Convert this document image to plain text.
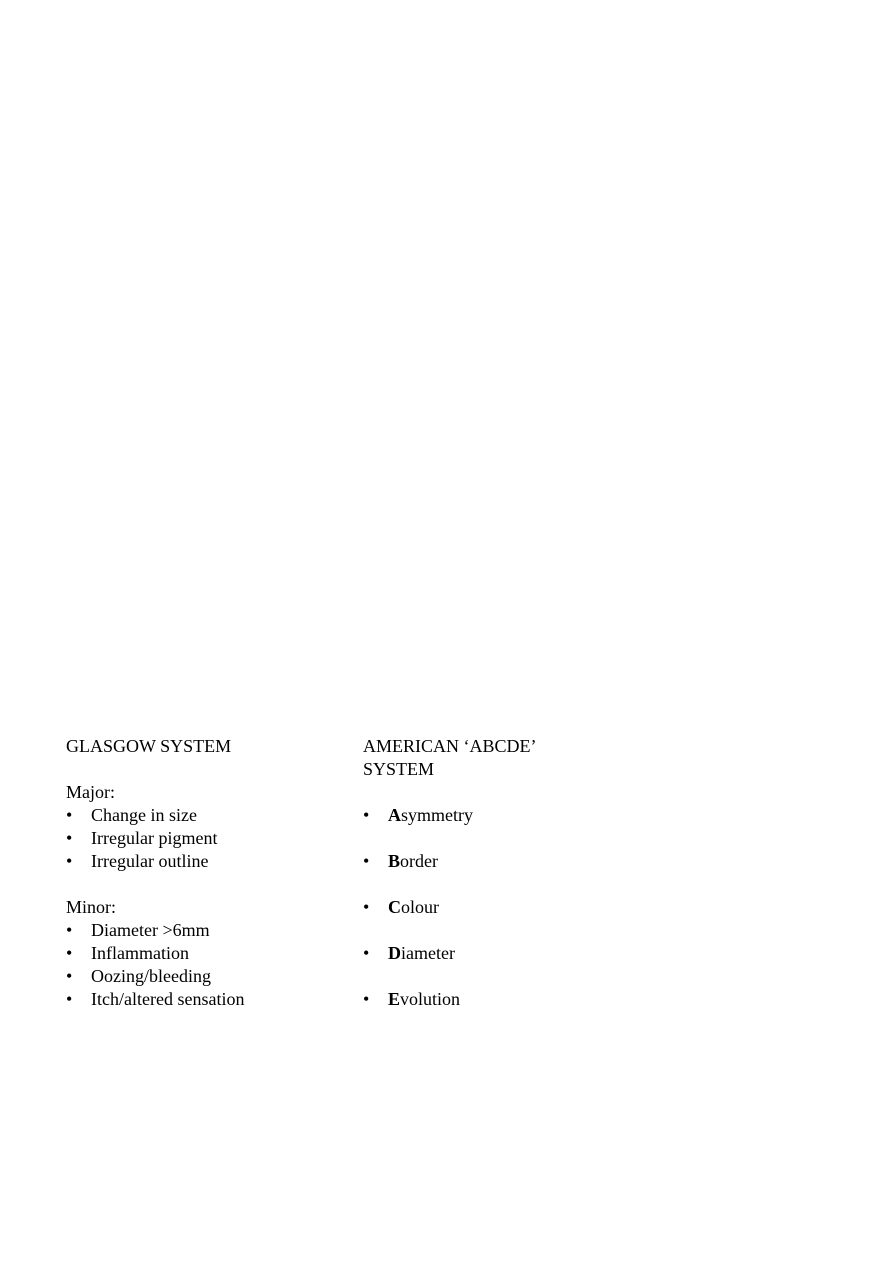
GLASGOW SYSTEM
Major:
•	Change in size
•	Irregular pigment
•	Irregular outline
Minor:
•	Diameter >6mm
•	Inflammation
•	Oozing/bleeding
•	Itch/altered sensation
AMERICAN ‘ABCDE’
SYSTEM
•	Asymmetry
•	Border
•	Colour
•	Diameter
•	Evolution
